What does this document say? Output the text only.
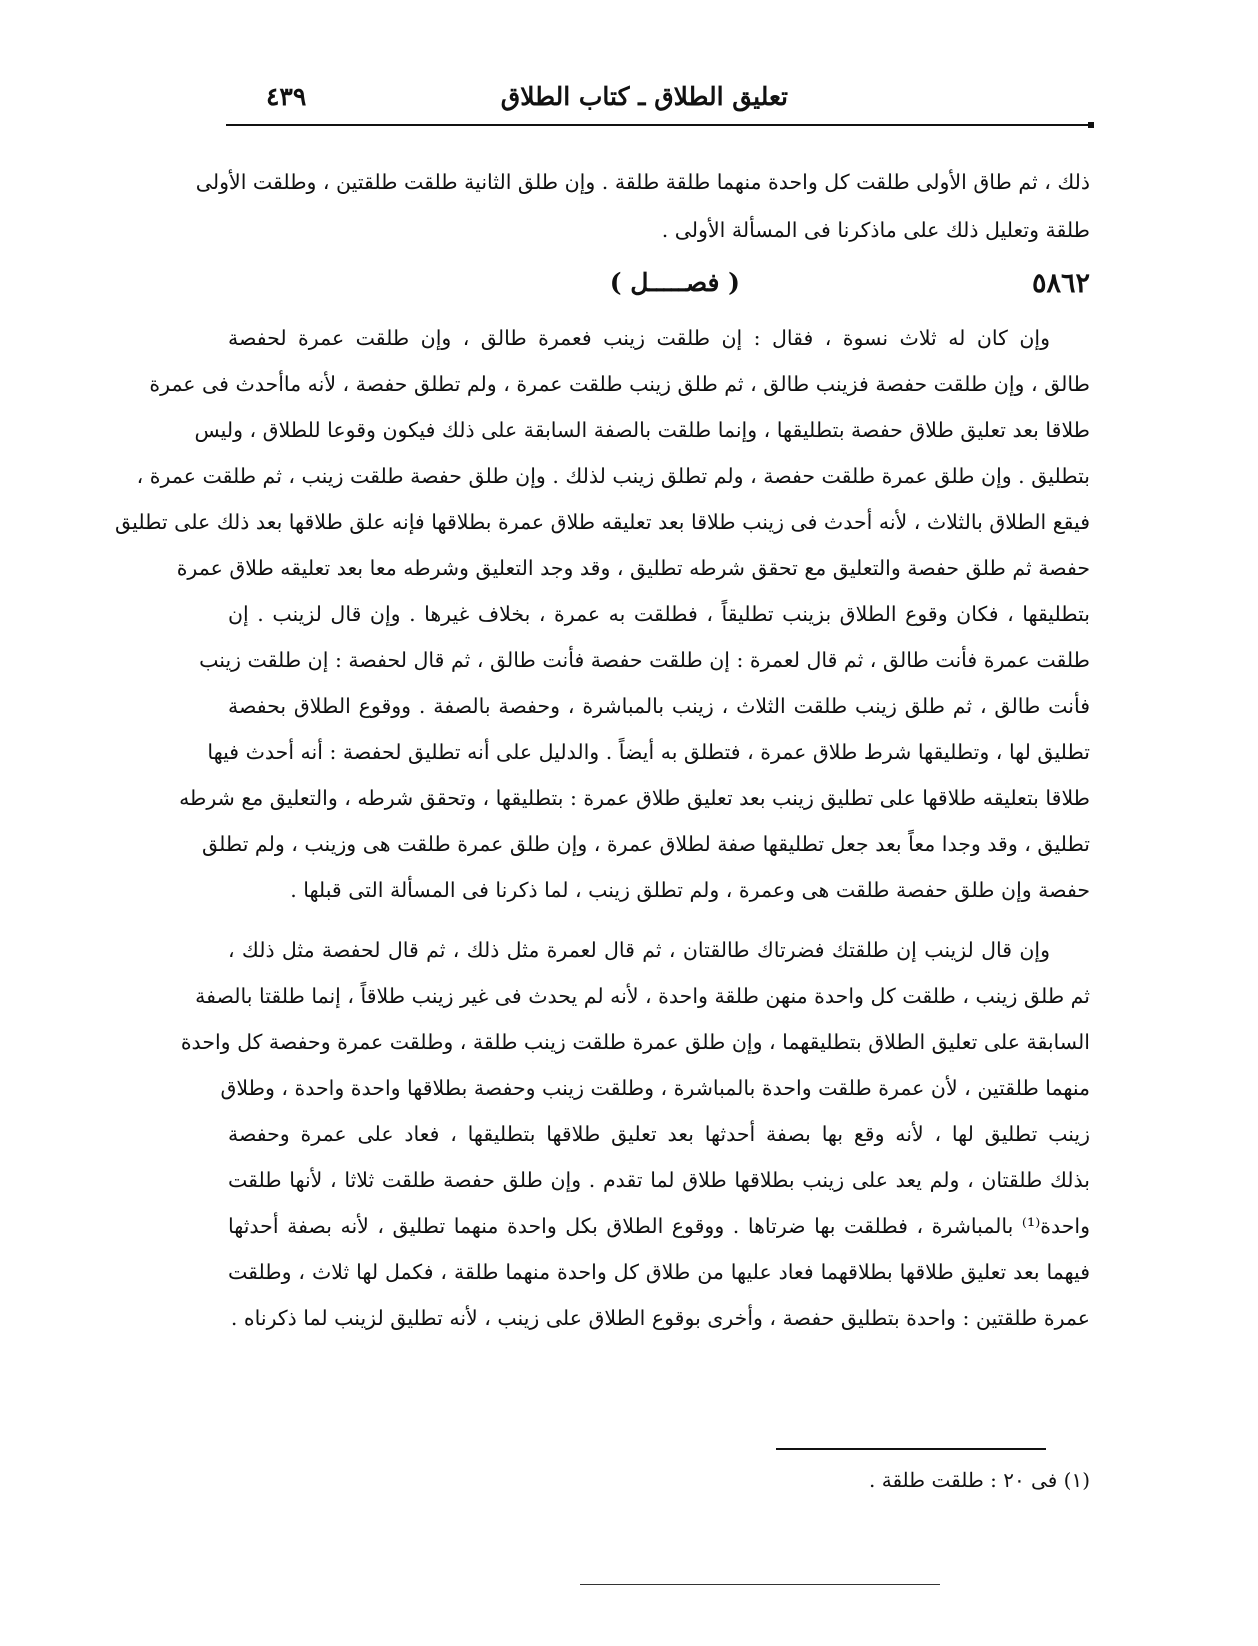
تعليق الطلاق ـ كتاب الطلاق
٤٣٩
ذلك ، ثم طاق الأولى طلقت كل واحدة منهما طلقة طلقة . وإن طلق الثانية طلقت طلقتين ، وطلقت الأولى
طلقة وتعليل ذلك على ماذكرنا فى المسألة الأولى .
٥٨٦٢
( فصـــــل )
وإن كان له ثلاث نسوة ، فقال : إن طلقت زينب فعمرة طالق ، وإن طلقت عمرة لحفصة
طالق ، وإن طلقت حفصة فزينب طالق ، ثم طلق زينب طلقت عمرة ، ولم تطلق حفصة ، لأنه ماأحدث فى عمرة
طلاقا بعد تعليق طلاق حفصة بتطليقها ، وإنما طلقت بالصفة السابقة على ذلك فيكون وقوعا للطلاق ، وليس
بتطليق . وإن طلق عمرة طلقت حفصة ، ولم تطلق زينب لذلك . وإن طلق حفصة طلقت زينب ، ثم طلقت عمرة ،
فيقع الطلاق بالثلاث ، لأنه أحدث فى زينب طلاقا بعد تعليقه طلاق عمرة بطلاقها فإنه علق طلاقها بعد ذلك على تطليق
حفصة ثم طلق حفصة والتعليق مع تحقق شرطه تطليق ، وقد وجد التعليق وشرطه معا بعد تعليقه طلاق عمرة
بتطليقها ، فكان وقوع الطلاق بزينب تطليقاً ، فطلقت به عمرة ، بخلاف غيرها . وإن قال لزينب . إن
طلقت عمرة فأنت طالق ، ثم قال لعمرة : إن طلقت حفصة فأنت طالق ، ثم قال لحفصة : إن طلقت زينب
فأنت طالق ، ثم طلق زينب طلقت الثلاث ، زينب بالمباشرة ، وحفصة بالصفة . ووقوع الطلاق بحفصة
تطليق لها ، وتطليقها شرط طلاق عمرة ، فتطلق به أيضاً . والدليل على أنه تطليق لحفصة : أنه أحدث فيها
طلاقا بتعليقه طلاقها على تطليق زينب بعد تعليق طلاق عمرة : بتطليقها ، وتحقق شرطه ، والتعليق مع شرطه
تطليق ، وقد وجدا معاً بعد جعل تطليقها صفة لطلاق عمرة ، وإن طلق عمرة طلقت هى وزينب ، ولم تطلق
حفصة وإن طلق حفصة طلقت هى وعمرة ، ولم تطلق زينب ، لما ذكرنا فى المسألة التى قبلها .
وإن قال لزينب إن طلقتك فضرتاك طالقتان ، ثم قال لعمرة مثل ذلك ، ثم قال لحفصة مثل ذلك ،
ثم طلق زينب ، طلقت كل واحدة منهن طلقة واحدة ، لأنه لم يحدث فى غير زينب طلاقاً ، إنما طلقتا بالصفة
السابقة على تعليق الطلاق بتطليقهما ، وإن طلق عمرة طلقت زينب طلقة ، وطلقت عمرة وحفصة كل واحدة
منهما طلقتين ، لأن عمرة طلقت واحدة بالمباشرة ، وطلقت زينب وحفصة بطلاقها واحدة واحدة ، وطلاق
زينب تطليق لها ، لأنه وقع بها بصفة أحدثها بعد تعليق طلاقها بتطليقها ، فعاد على عمرة وحفصة
بذلك طلقتان ، ولم يعد على زينب بطلاقها طلاق لما تقدم . وإن طلق حفصة طلقت ثلاثا ، لأنها طلقت
واحدة⁽¹⁾ بالمباشرة ، فطلقت بها ضرتاها . ووقوع الطلاق بكل واحدة منهما تطليق ، لأنه بصفة أحدثها
فيهما بعد تعليق طلاقها بطلاقهما فعاد عليها من طلاق كل واحدة منهما طلقة ، فكمل لها ثلاث ، وطلقت
عمرة طلقتين : واحدة بتطليق حفصة ، وأخرى بوقوع الطلاق على زينب ، لأنه تطليق لزينب لما ذكرناه .
(١) فى ٢٠ : طلقت طلقة .
